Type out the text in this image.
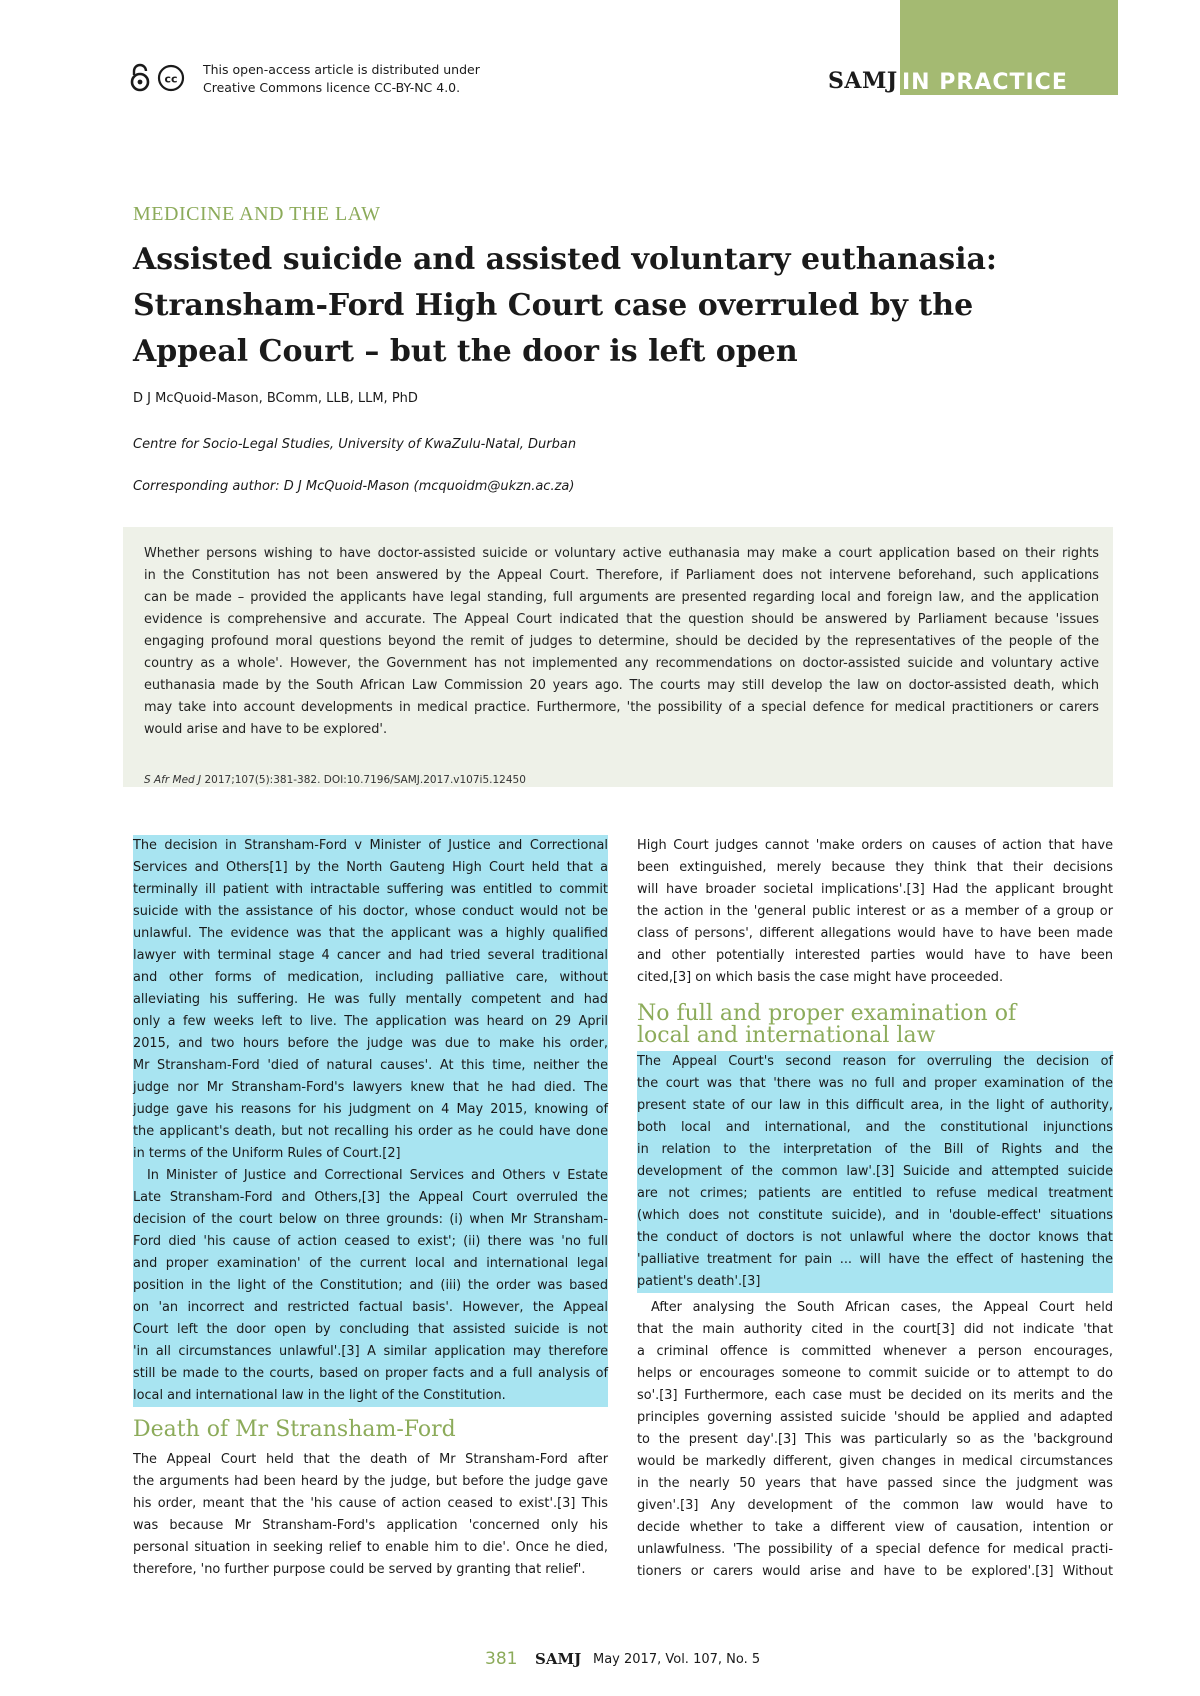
SAMJ IN PRACTICE
cc
This open-access article is distributed under
Creative Commons licence CC-BY-NC 4.0.
MEDICINE AND THE LAW
Assisted suicide and assisted voluntary euthanasia:
Stransham-Ford High Court case overruled by the
Appeal Court – but the door is left open
D J McQuoid-Mason, BComm, LLB, LLM, PhD
Centre for Socio-Legal Studies, University of KwaZulu-Natal, Durban
Corresponding author: D J McQuoid-Mason (mcquoidm@ukzn.ac.za)
Whether persons wishing to have doctor-assisted suicide or voluntary active euthanasia may make a court application based on their rights
in the Constitution has not been answered by the Appeal Court. Therefore, if Parliament does not intervene beforehand, such applications
can be made – provided the applicants have legal standing, full arguments are presented regarding local and foreign law, and the application
evidence is comprehensive and accurate. The Appeal Court indicated that the question should be answered by Parliament because 'issues
engaging profound moral questions beyond the remit of judges to determine, should be decided by the representatives of the people of the
country as a whole'. However, the Government has not implemented any recommendations on doctor-assisted suicide and voluntary active
euthanasia made by the South African Law Commission 20 years ago. The courts may still develop the law on doctor-assisted death, which
may take into account developments in medical practice. Furthermore, 'the possibility of a special defence for medical practitioners or carers
would arise and have to be explored'.
S Afr Med J 2017;107(5):381-382. DOI:10.7196/SAMJ.2017.v107i5.12450
The decision in Stransham-Ford v Minister of Justice and Correctional
Services and Others[1] by the North Gauteng High Court held that a
terminally ill patient with intractable suffering was entitled to commit
suicide with the assistance of his doctor, whose conduct would not be
unlawful. The evidence was that the applicant was a highly qualified
lawyer with terminal stage 4 cancer and had tried several traditional
and other forms of medication, including palliative care, without
alleviating his suffering. He was fully mentally competent and had
only a few weeks left to live. The application was heard on 29 April
2015, and two hours before the judge was due to make his order,
Mr Stransham-Ford 'died of natural causes'. At this time, neither the
judge nor Mr Stransham-Ford's lawyers knew that he had died. The
judge gave his reasons for his judgment on 4 May 2015, knowing of
the applicant's death, but not recalling his order as he could have done
in terms of the Uniform Rules of Court.[2]
In Minister of Justice and Correctional Services and Others v Estate
Late Stransham-Ford and Others,[3] the Appeal Court overruled the
decision of the court below on three grounds: (i) when Mr Stransham-
Ford died 'his cause of action ceased to exist'; (ii) there was 'no full
and proper examination' of the current local and international legal
position in the light of the Constitution; and (iii) the order was based
on 'an incorrect and restricted factual basis'. However, the Appeal
Court left the door open by concluding that assisted suicide is not
'in all circumstances unlawful'.[3] A similar application may therefore
still be made to the courts, based on proper facts and a full analysis of
local and international law in the light of the Constitution.
Death of Mr Stransham-Ford
The Appeal Court held that the death of Mr Stransham-Ford after
the arguments had been heard by the judge, but before the judge gave
his order, meant that the 'his cause of action ceased to exist'.[3] This
was because Mr Stransham-Ford's application 'concerned only his
personal situation in seeking relief to enable him to die'. Once he died,
therefore, 'no further purpose could be served by granting that relief'.
High Court judges cannot 'make orders on causes of action that have
been extinguished, merely because they think that their decisions
will have broader societal implications'.[3] Had the applicant brought
the action in the 'general public interest or as a member of a group or
class of persons', different allegations would have to have been made
and other potentially interested parties would have to have been
cited,[3] on which basis the case might have proceeded.
No full and proper examination of
local and international law
The Appeal Court's second reason for overruling the decision of
the court was that 'there was no full and proper examination of the
present state of our law in this difficult area, in the light of authority,
both local and international, and the constitutional injunctions
in relation to the interpretation of the Bill of Rights and the
development of the common law'.[3] Suicide and attempted suicide
are not crimes; patients are entitled to refuse medical treatment
(which does not constitute suicide), and in 'double-effect' situations
the conduct of doctors is not unlawful where the doctor knows that
'palliative treatment for pain ... will have the effect of hastening the
patient's death'.[3]
After analysing the South African cases, the Appeal Court held
that the main authority cited in the court[3] did not indicate 'that
a criminal offence is committed whenever a person encourages,
helps or encourages someone to commit suicide or to attempt to do
so'.[3] Furthermore, each case must be decided on its merits and the
principles governing assisted suicide 'should be applied and adapted
to the present day'.[3] This was particularly so as the 'background
would be markedly different, given changes in medical circumstances
in the nearly 50 years that have passed since the judgment was
given'.[3] Any development of the common law would have to
decide whether to take a different view of causation, intention or
unlawfulness. 'The possibility of a special defence for medical practi-
tioners or carers would arise and have to be explored'.[3] Without
381 SAMJ May 2017, Vol. 107, No. 5
